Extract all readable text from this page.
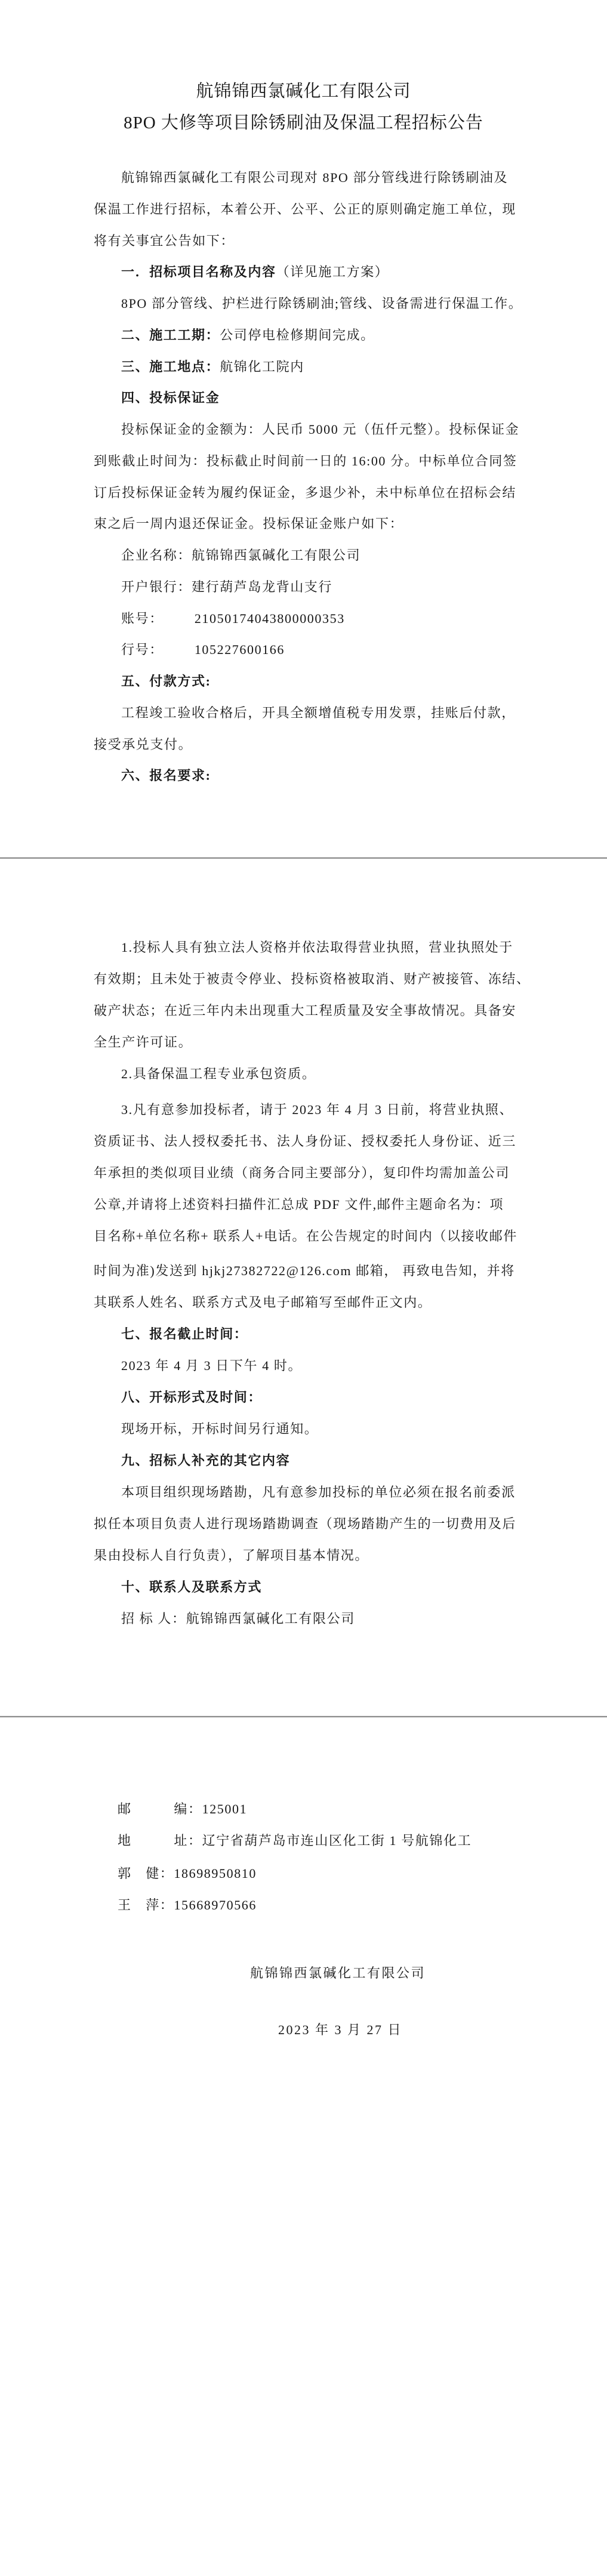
航锦锦西氯碱化工有限公司
8PO 大修等项目除锈刷油及保温工程招标公告
航锦锦西氯碱化工有限公司现对 8PO 部分管线进行除锈刷油及
保温工作进行招标，本着公开、公平、公正的原则确定施工单位，现
将有关事宜公告如下：
一．招标项目名称及内容（详见施工方案）
8PO 部分管线、护栏进行除锈刷油;管线、设备需进行保温工作。
二、施工工期：公司停电检修期间完成。
三、施工地点：航锦化工院内
四、投标保证金
投标保证金的金额为：人民币 5000 元（伍仟元整）。投标保证金
到账截止时间为：投标截止时间前一日的 16:00 分。中标单位合同签
订后投标保证金转为履约保证金，多退少补，未中标单位在招标会结
束之后一周内退还保证金。投标保证金账户如下：
企业名称：航锦锦西氯碱化工有限公司
开户银行：建行葫芦岛龙背山支行
账号： 21050174043800000353
行号： 105227600166
五、付款方式:
工程竣工验收合格后，开具全额增值税专用发票，挂账后付款，
接受承兑支付。
六、报名要求:
1.投标人具有独立法人资格并依法取得营业执照，营业执照处于
有效期；且未处于被责令停业、投标资格被取消、财产被接管、冻结、
破产状态；在近三年内未出现重大工程质量及安全事故情况。具备安
全生产许可证。
2.具备保温工程专业承包资质。
3.凡有意参加投标者，请于 2023 年 4 月 3 日前，将营业执照、
资质证书、法人授权委托书、法人身份证、授权委托人身份证、近三
年承担的类似项目业绩（商务合同主要部分），复印件均需加盖公司
公章,并请将上述资料扫描件汇总成 PDF 文件,邮件主题命名为：项
目名称+单位名称+ 联系人+电话。在公告规定的时间内（以接收邮件
时间为准)发送到 hjkj27382722@126.com 邮箱， 再致电告知，并将
其联系人姓名、联系方式及电子邮箱写至邮件正文内。
七、报名截止时间：
2023 年 4 月 3 日下午 4 时。
八、开标形式及时间：
现场开标，开标时间另行通知。
九、招标人补充的其它内容
本项目组织现场踏勘，凡有意参加投标的单位必须在报名前委派
拟任本项目负责人进行现场踏勘调查（现场踏勘产生的一切费用及后
果由投标人自行负责），了解项目基本情况。
十、联系人及联系方式
招 标 人：航锦锦西氯碱化工有限公司
邮　　　编：125001
地　　　址：辽宁省葫芦岛市连山区化工街 1 号航锦化工
郭　健：18698950810
王　萍：15668970566
航锦锦西氯碱化工有限公司
2023 年 3 月 27 日
